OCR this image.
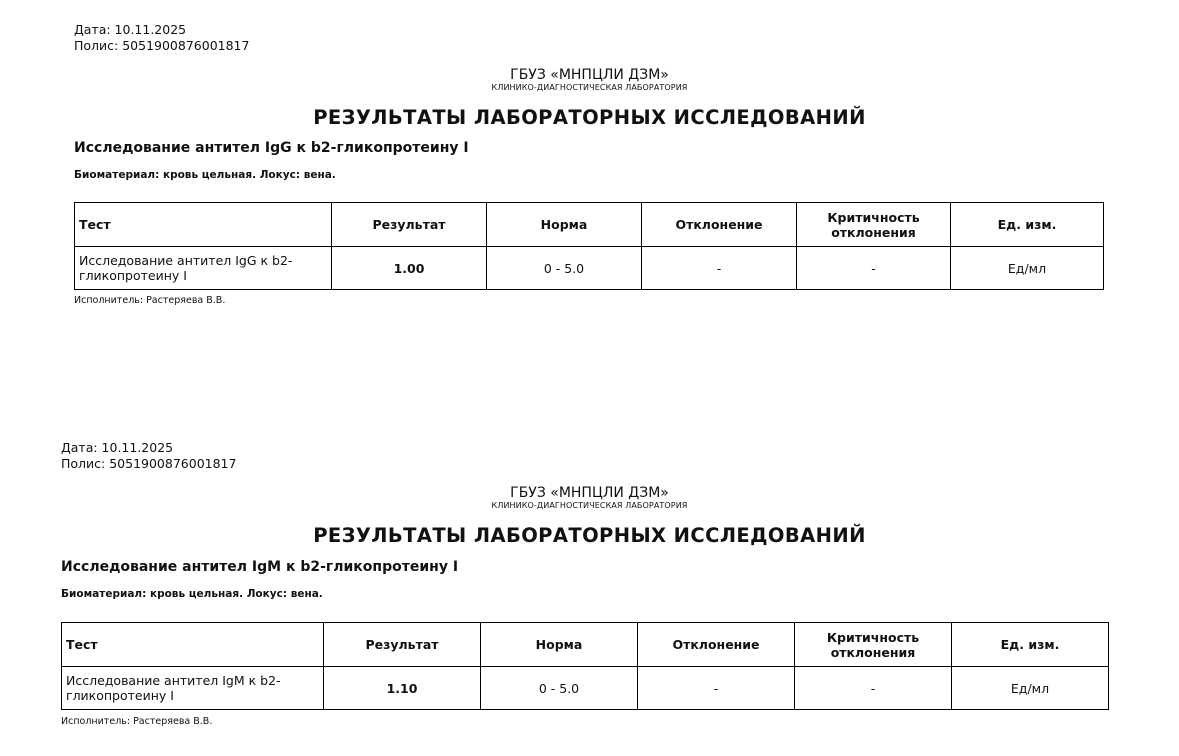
Дата: 10.11.2025
Полис: 5051900876001817
ГБУЗ «МНПЦЛИ ДЗМ»
КЛИНИКО-ДИАГНОСТИЧЕСКАЯ ЛАБОРАТОРИЯ
РЕЗУЛЬТАТЫ ЛАБОРАТОРНЫХ ИССЛЕДОВАНИЙ
Исследование антител IgG к b2-гликопротеину I
Биоматериал: кровь цельная. Локус: вена.
Тест	Результат	Норма	Отклонение	Критичность
отклонения	Ед. изм.

Исследование антител IgG к b2-
гликопротеину I	1.00	0 - 5.0	-	-	Ед/мл
Исполнитель: Растеряева В.В.
Дата: 10.11.2025
Полис: 5051900876001817
ГБУЗ «МНПЦЛИ ДЗМ»
КЛИНИКО-ДИАГНОСТИЧЕСКАЯ ЛАБОРАТОРИЯ
РЕЗУЛЬТАТЫ ЛАБОРАТОРНЫХ ИССЛЕДОВАНИЙ
Исследование антител IgM к b2-гликопротеину I
Биоматериал: кровь цельная. Локус: вена.
Тест	Результат	Норма	Отклонение	Критичность
отклонения	Ед. изм.

Исследование антител IgM к b2-
гликопротеину I	1.10	0 - 5.0	-	-	Ед/мл
Исполнитель: Растеряева В.В.
